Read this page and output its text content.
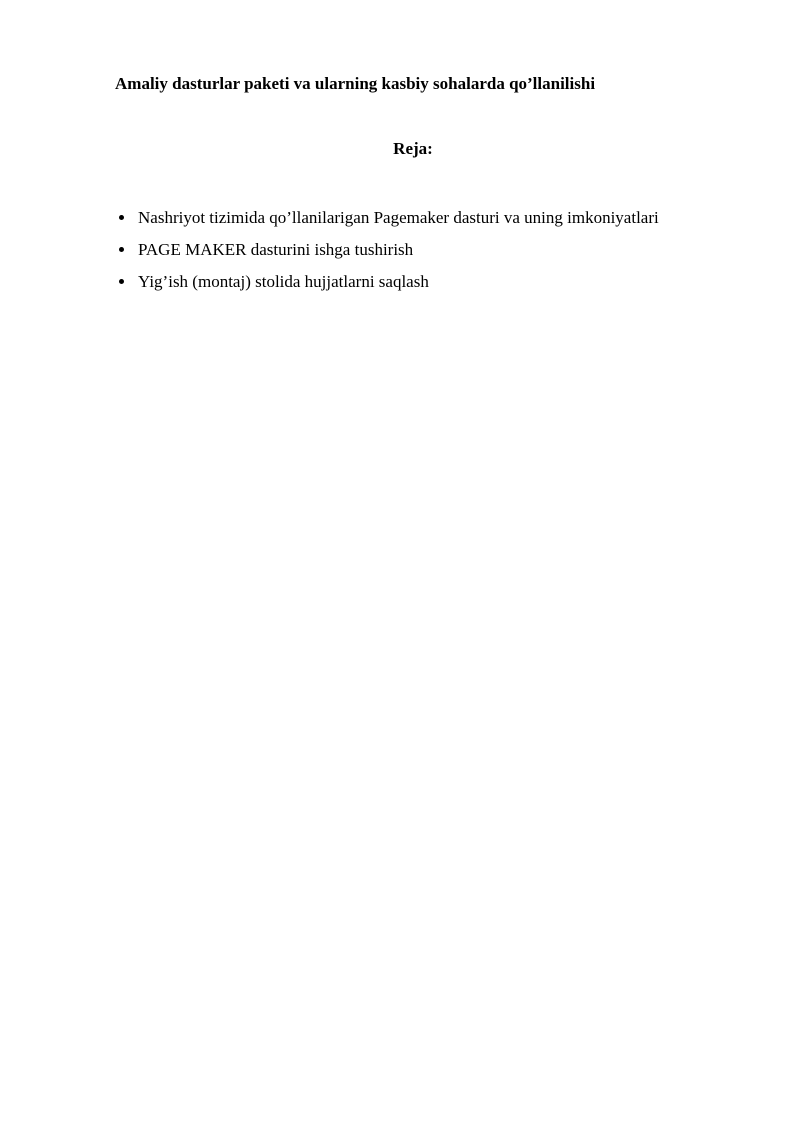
Amaliy dasturlar paketi va ularning kasbiy sohalarda qo’llanilishi
Reja:
• Nashriyot tizimida qo’llanilarigan Pagemaker dasturi va uning imkoniyatlari
• PAGE MAKER dasturini ishga tushirish
• Yig’ish (montaj) stolida hujjatlarni saqlash
